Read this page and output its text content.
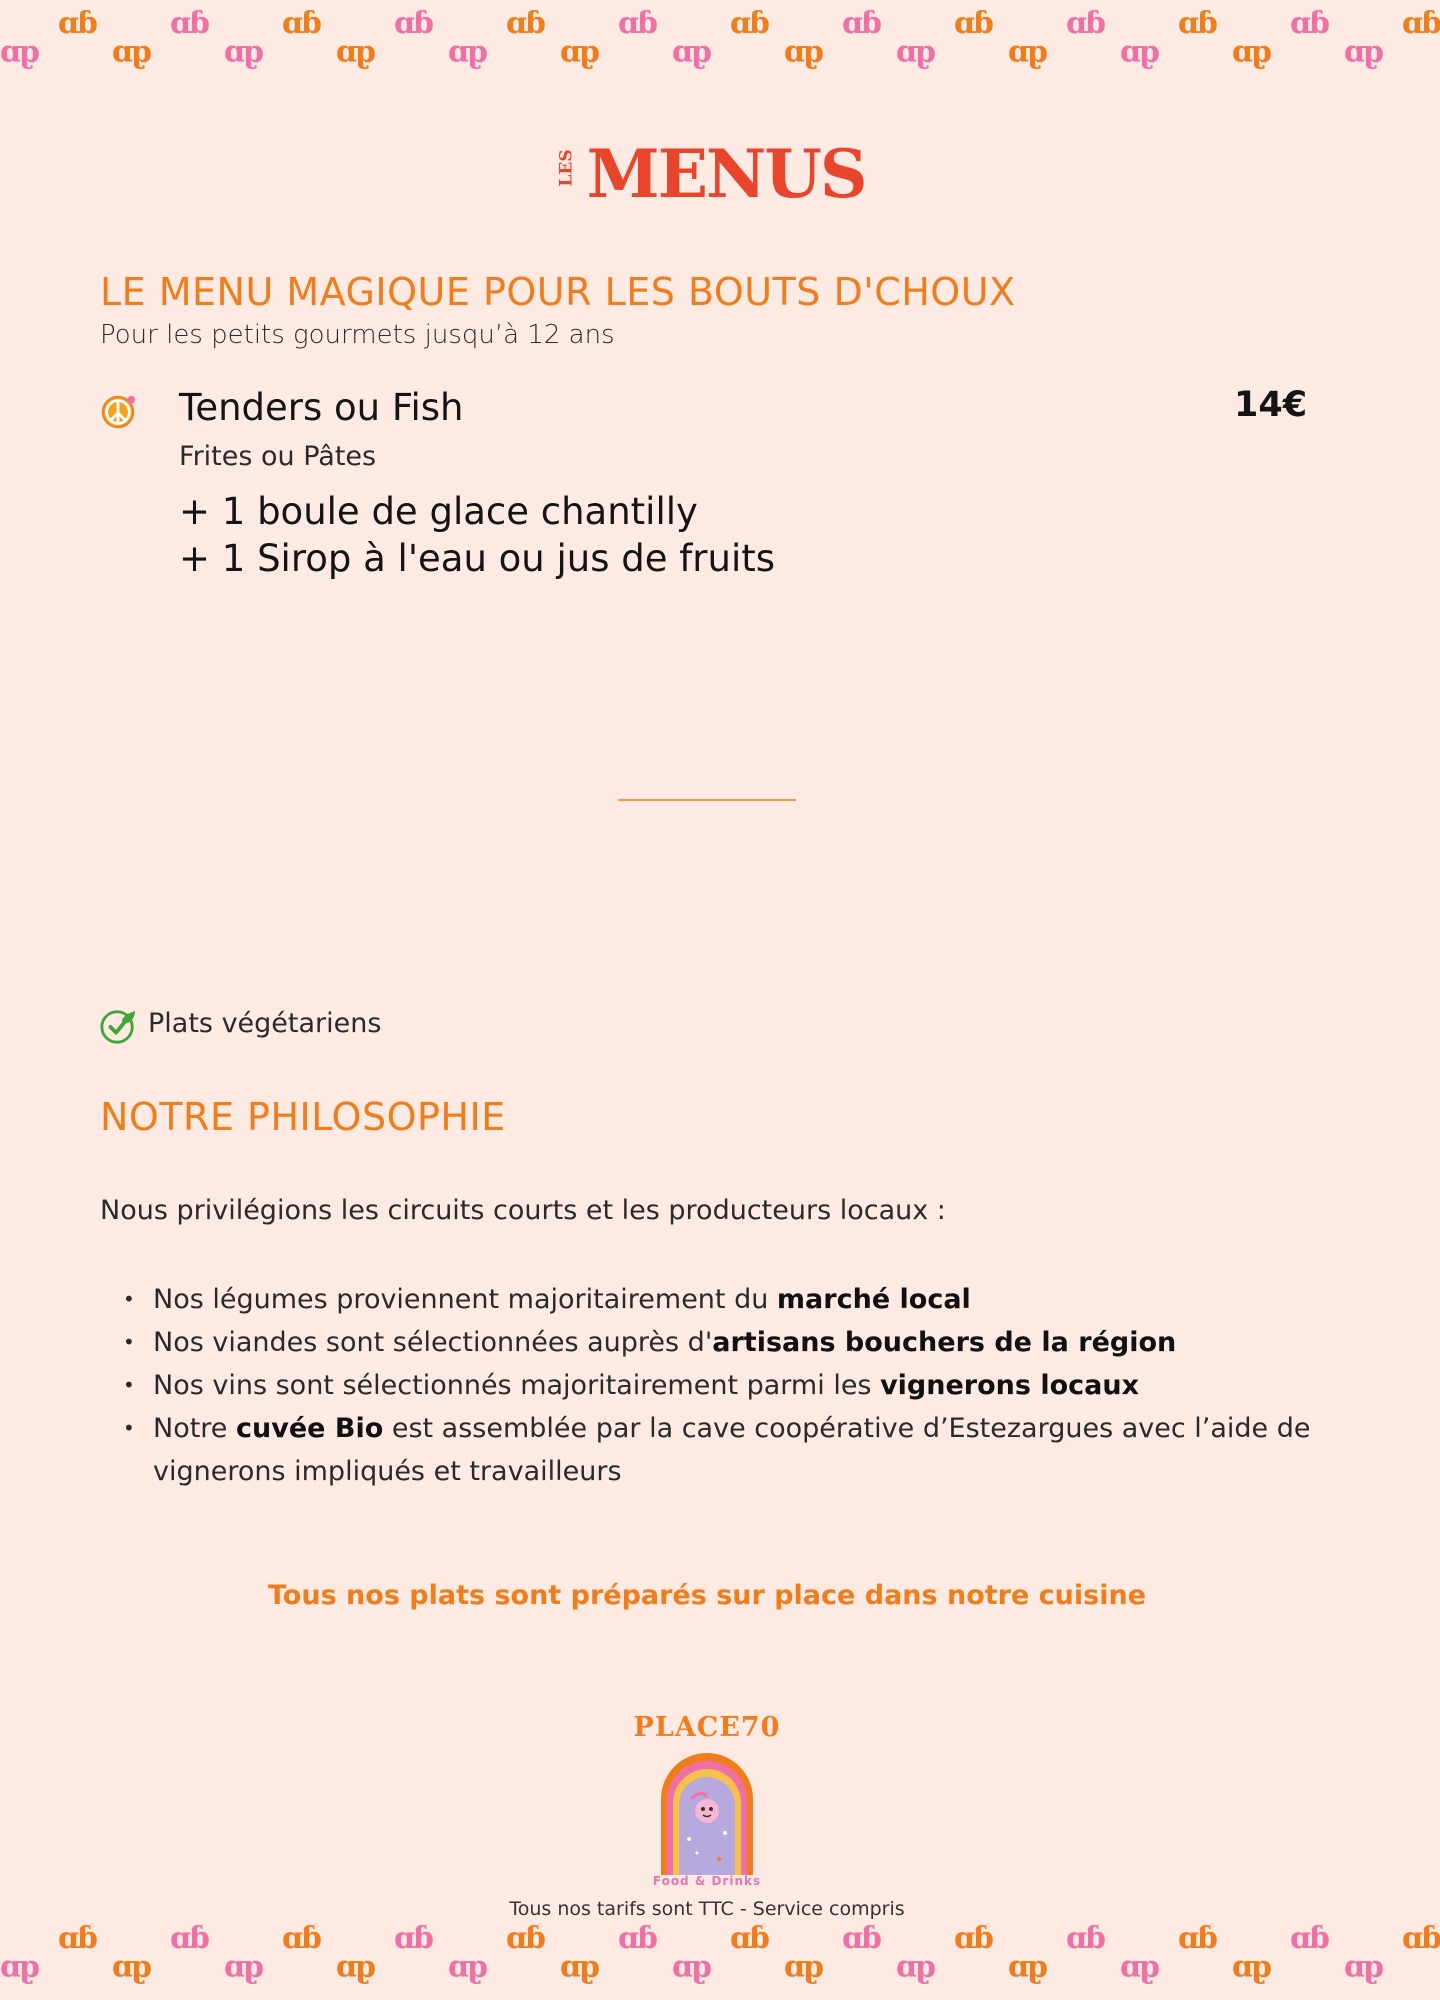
ɑɓ
ɑɓ
ɑɓ
ɑɓ
ɑɓ
ɑɓ
ɑɓ
ɑɓ
ɑɓ
ɑɓ
ɑɓ
ɑɓ
ɑɓ
ɑɓ
ɑɓ
ɑɓ
ɑɓ
ɑɓ
ɑɓ
ɑɓ
ɑɓ
ɑɓ
ɑɓ
ɑɓ
ɑɓ
ɑɓ
ɑɓ
ɑɓ
ɑɓ
ɑɓ
ɑɓ
ɑɓ
ɑɓ
ɑɓ
ɑɓ
ɑɓ
ɑɓ
ɑɓ
ɑɓ
ɑɓ
ɑɓ
ɑɓ
ɑɓ
ɑɓ
ɑɓ
ɑɓ
ɑɓ
ɑɓ
ɑɓ
ɑɓ
ɑɓ
ɑɓ
LES MENUS
LE MENU MAGIQUE POUR LES BOUTS D'CHOUX
Pour les petits gourmets jusqu’à 12 ans
Tenders ou Fish	14€
Frites ou Pâtes
+ 1 boule de glace chantilly
+ 1 Sirop à l'eau ou jus de fruits
Plats végétariens
NOTRE PHILOSOPHIE
Nous privilégions les circuits courts et les producteurs locaux :
• Nos légumes proviennent majoritairement du marché local
• Nos viandes sont sélectionnées auprès d'artisans bouchers de la région
• Nos vins sont sélectionnés majoritairement parmi les vignerons locaux
• Notre cuvée Bio est assemblée par la cave coopérative d’Estezargues avec l’aide de vignerons impliqués et travailleurs
Tous nos plats sont préparés sur place dans notre cuisine
PLACE70
Food & Drinks
Tous nos tarifs sont TTC - Service compris
